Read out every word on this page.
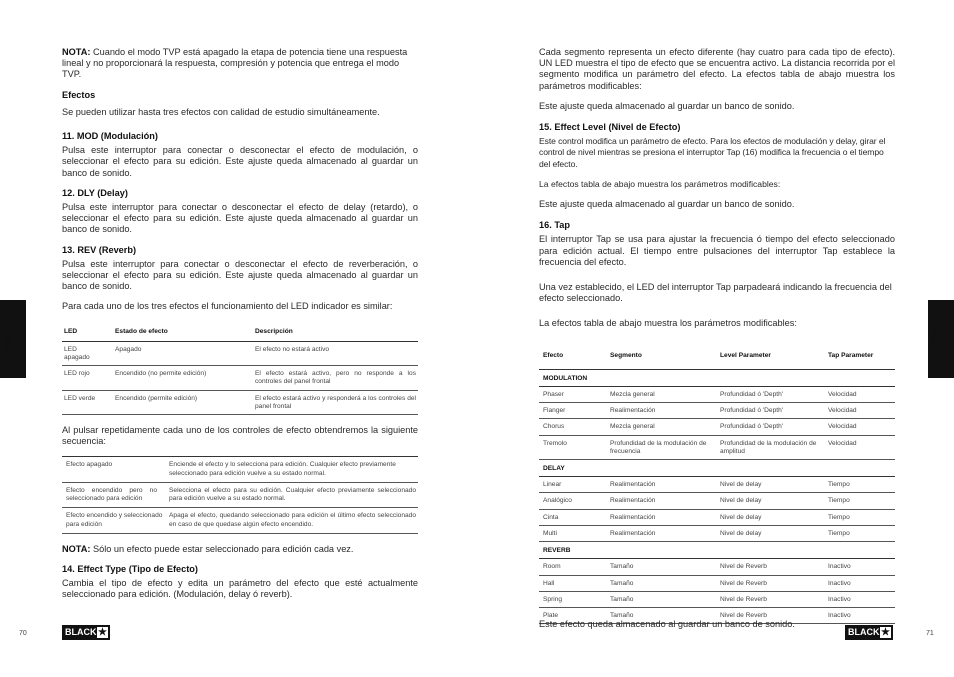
Español	Español

NOTA: Cuando el modo TVP está apagado la etapa de potencia tiene una respuesta lineal y no proporcionará la respuesta, compresión y potencia que entrega el modo TVP.

Efectos

Se pueden utilizar hasta tres efectos con calidad de estudio simultáneamente.

11. MOD (Modulación)

Pulsa este interruptor para conectar o desconectar el efecto de modulación, o seleccionar el efecto para su edición. Este ajuste queda almacenado al guardar un banco de sonido.

12. DLY (Delay)

Pulsa este interruptor para conectar o desconectar el efecto de delay (retardo), o seleccionar el efecto para su edición. Este ajuste queda almacenado al guardar un banco de sonido.

13. REV (Reverb)

Pulsa este interruptor para conectar o desconectar el efecto de reverberación, o seleccionar el efecto para su edición. Este ajuste queda almacenado al guardar un banco de sonido.

Para cada uno de los tres efectos el funcionamiento del LED indicador es similar:

LED	Estado de efecto	Descripción
LED apagado	Apagado	El efecto no estará activo
LED rojo	Encendido (no permite edición)	El efecto estará activo, pero no responde a los controles del panel frontal
LED verde	Encendido (permite edición)	El efecto estará activo y responderá a los controles del panel frontal

Al pulsar repetidamente cada uno de los controles de efecto obtendremos la siguiente secuencia:

Efecto apagado	Enciende el efecto y lo selecciona para edición. Cualquier efecto previamente seleccionado para edición vuelve a su estado normal.
Efecto encendido pero no seleccionado para edición	Selecciona el efecto para su edición. Cualquier efecto previamente seleccionado para edición vuelve a su estado normal.
Efecto encendido y seleccionado para edición	Apaga el efecto, quedando seleccionado para edición el último efecto seleccionado en caso de que quedase algún efecto encendido.

NOTA: Sólo un efecto puede estar seleccionado para edición cada vez.

14. Effect Type (Tipo de Efecto)

Cambia el tipo de efecto y edita un parámetro del efecto que esté actualmente seleccionado para edición. (Modulación, delay ó reverb).

70	BLACK ★

Cada segmento representa un efecto diferente (hay cuatro para cada tipo de efecto). UN LED muestra el tipo de efecto que se encuentra activo. La distancia recorrida por el segmento modifica un parámetro del efecto. La efectos tabla de abajo muestra los parámetros modificables:

Este ajuste queda almacenado al guardar un banco de sonido.

15. Effect Level (Nivel de Efecto)

Este control modifica un parámetro de efecto. Para los efectos de modulación y delay, girar el control de nivel mientras se presiona el interruptor Tap (16) modifica la frecuencia o el tiempo del efecto.

La efectos tabla de abajo muestra los parámetros modificables:

Este ajuste queda almacenado al guardar un banco de sonido.

16. Tap

El interruptor Tap se usa para ajustar la frecuencia ó tiempo del efecto seleccionado para edición actual. El tiempo entre pulsaciones del interruptor Tap establece la frecuencia del efecto.

Una vez establecido, el LED del interruptor Tap parpadeará indicando la frecuencia del efecto seleccionado.

La efectos tabla de abajo muestra los parámetros modificables:

Efecto	Segmento	Level Parameter	Tap Parameter
MODULATION			
Phaser	Mezcla general	Profundidad ó 'Depth'	Velocidad
Flanger	Realimentación	Profundidad ó 'Depth'	Velocidad
Chorus	Mezcla general	Profundidad ó 'Depth'	Velocidad
Tremolo	Profundidad de la modulación de frecuencia	Profundidad de la modulación de amplitud	Velocidad
DELAY			
Linear	Realimentación	Nivel de delay	Tiempo
Analógico	Realimentación	Nivel de delay	Tiempo
Cinta	Realimentación	Nivel de delay	Tiempo
Multi	Realimentación	Nivel de delay	Tiempo
REVERB			
Room	Tamaño	Nivel de Reverb	Inactivo
Hall	Tamaño	Nivel de Reverb	Inactivo
Spring	Tamaño	Nivel de Reverb	Inactivo
Plate	Tamaño	Nivel de Reverb	Inactivo
Este efecto queda almacenado al guardar un banco de sonido.
BLACK ★	71
